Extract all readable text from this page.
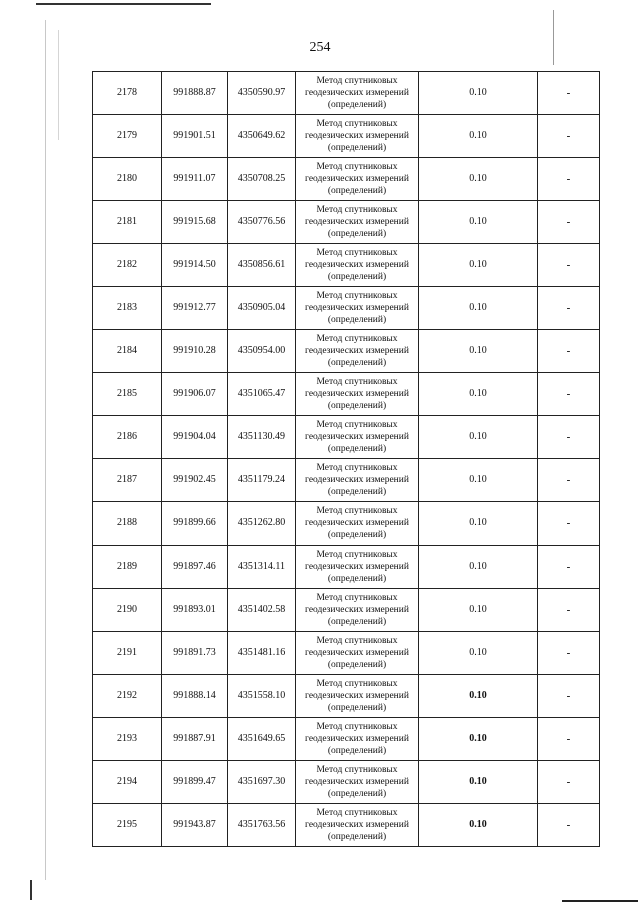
254
2178	991888.87	4350590.97	Метод спутниковых
геодезических измерений
(определений)	0.10	-
2179	991901.51	4350649.62	Метод спутниковых
геодезических измерений
(определений)	0.10	-
2180	991911.07	4350708.25	Метод спутниковых
геодезических измерений
(определений)	0.10	-
2181	991915.68	4350776.56	Метод спутниковых
геодезических измерений
(определений)	0.10	-
2182	991914.50	4350856.61	Метод спутниковых
геодезических измерений
(определений)	0.10	-
2183	991912.77	4350905.04	Метод спутниковых
геодезических измерений
(определений)	0.10	-
2184	991910.28	4350954.00	Метод спутниковых
геодезических измерений
(определений)	0.10	-
2185	991906.07	4351065.47	Метод спутниковых
геодезических измерений
(определений)	0.10	-
2186	991904.04	4351130.49	Метод спутниковых
геодезических измерений
(определений)	0.10	-
2187	991902.45	4351179.24	Метод спутниковых
геодезических измерений
(определений)	0.10	-
2188	991899.66	4351262.80	Метод спутниковых
геодезических измерений
(определений)	0.10	-
2189	991897.46	4351314.11	Метод спутниковых
геодезических измерений
(определений)	0.10	-
2190	991893.01	4351402.58	Метод спутниковых
геодезических измерений
(определений)	0.10	-
2191	991891.73	4351481.16	Метод спутниковых
геодезических измерений
(определений)	0.10	-
2192	991888.14	4351558.10	Метод спутниковых
геодезических измерений
(определений)	0.10	-
2193	991887.91	4351649.65	Метод спутниковых
геодезических измерений
(определений)	0.10	-
2194	991899.47	4351697.30	Метод спутниковых
геодезических измерений
(определений)	0.10	-
2195	991943.87	4351763.56	Метод спутниковых
геодезических измерений
(определений)	0.10	-
